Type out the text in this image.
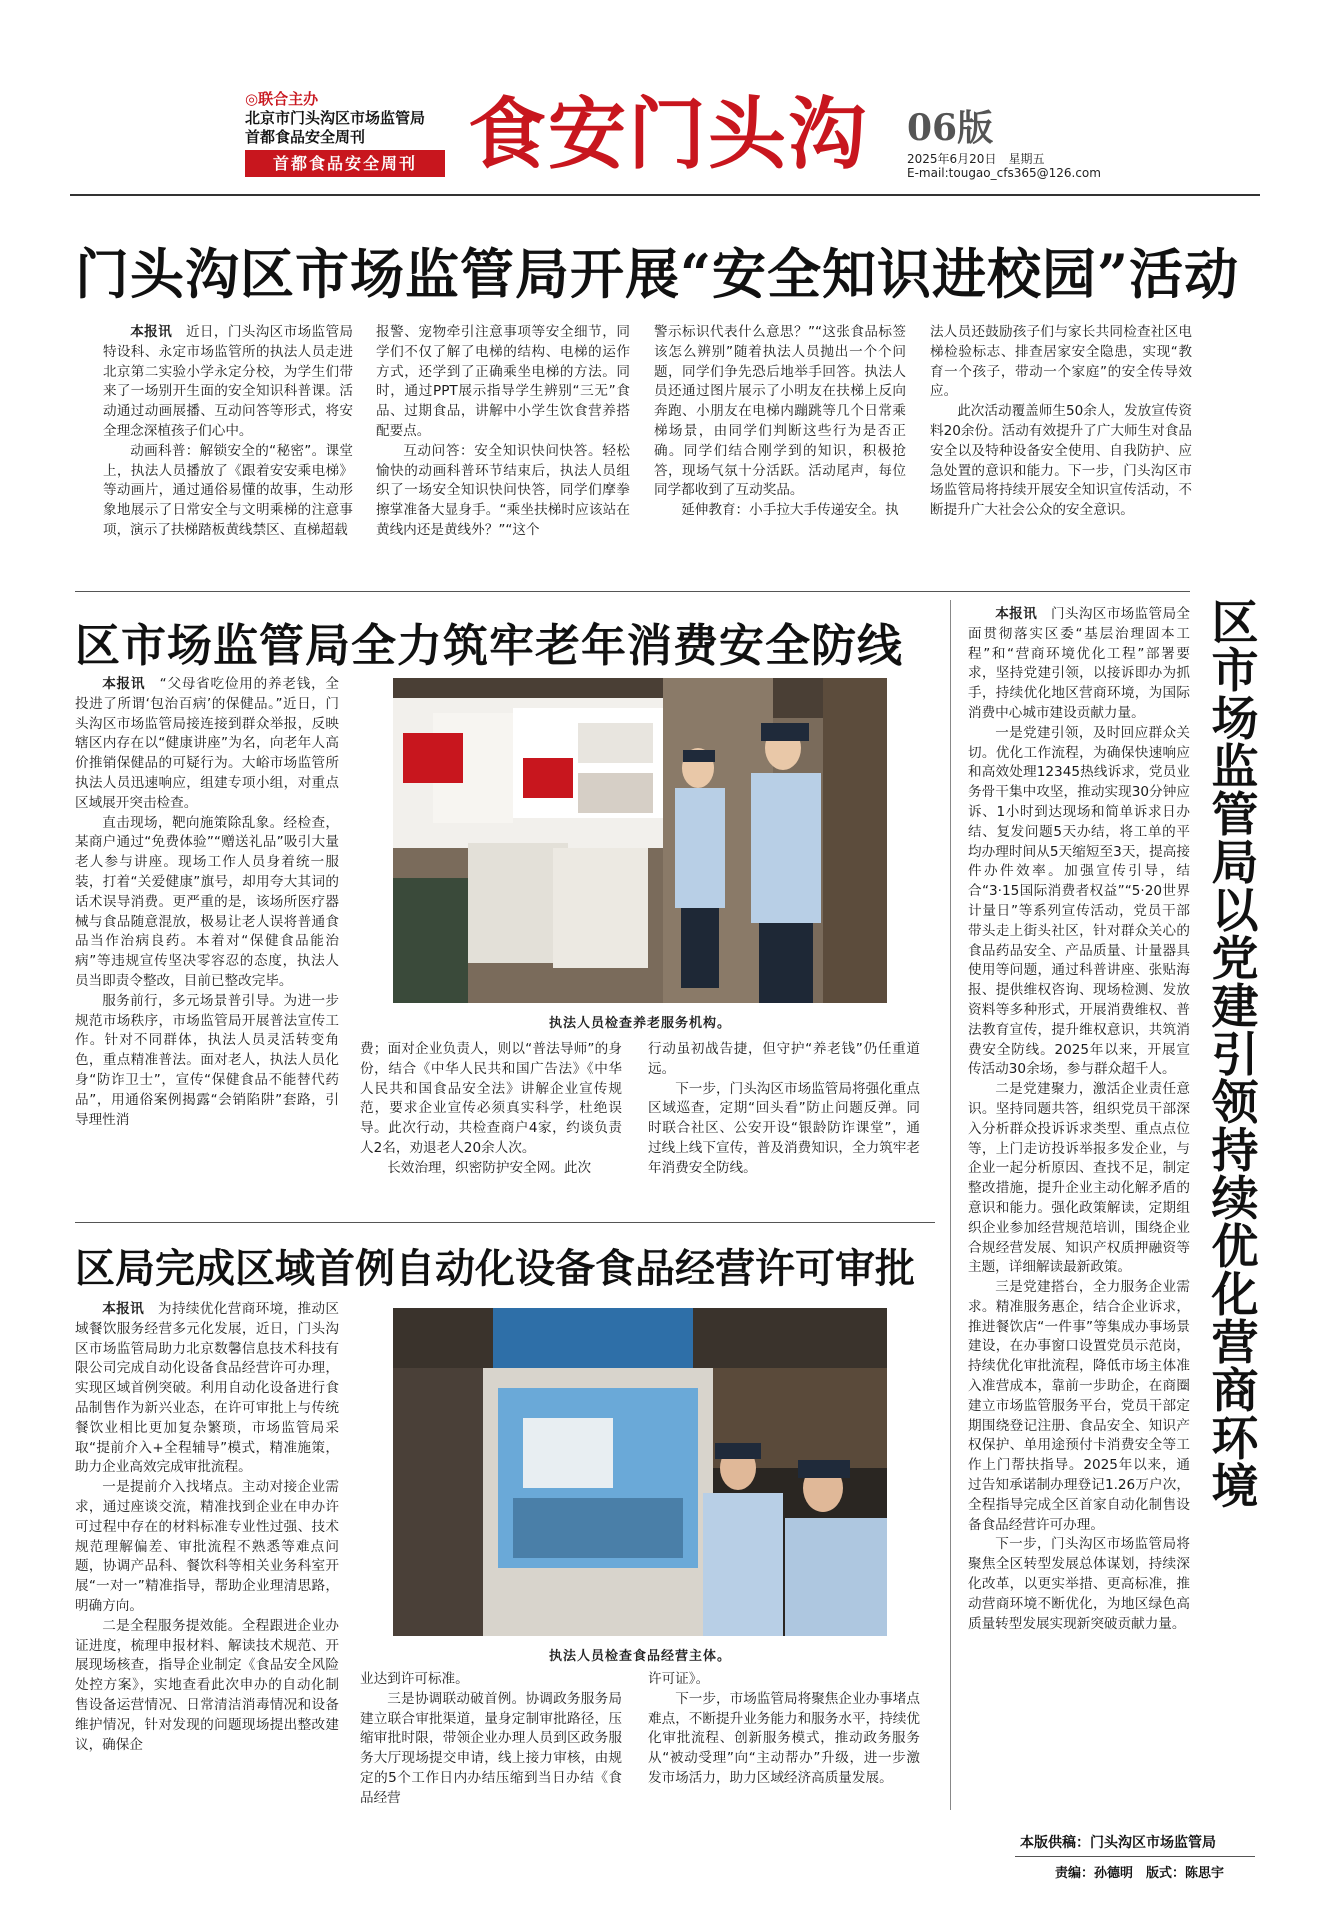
◎联合主办
北京市门头沟区市场监管局
首都食品安全周刊
首都食品安全周刊 食安门头沟 06版
2025年6月20日　星期五
E-mail:tougao_cfs365@126.com
门头沟区市场监管局开展“安全知识进校园”活动

本报讯　 近日，门头沟区市场监管局特设科、永定市场监管所的执法人员走进北京第二实验小学永定分校，为学生们带来了一场别开生面的安全知识科普课。活动通过动画展播、互动问答等形式，将安全理念深植孩子们心中。

动画科普：解锁安全的“秘密”。课堂上，执法人员播放了《跟着安安乘电梯》等动画片，通过通俗易懂的故事，生动形象地展示了日常安全与文明乘梯的注意事项，演示了扶梯踏板黄线禁区、直梯超载

报警、宠物牵引注意事项等安全细节，同学们不仅了解了电梯的结构、电梯的运作方式，还学到了正确乘坐电梯的方法。同时，通过PPT展示指导学生辨别“三无”食品、过期食品，讲解中小学生饮食营养搭配要点。

互动问答：安全知识快问快答。轻松愉快的动画科普环节结束后，执法人员组织了一场安全知识快问快答，同学们摩拳擦掌准备大显身手。“乘坐扶梯时应该站在黄线内还是黄线外？”“这个

警示标识代表什么意思？”“这张食品标签该怎么辨别”随着执法人员抛出一个个问题，同学们争先恐后地举手回答。执法人员还通过图片展示了小明友在扶梯上反向奔跑、小朋友在电梯内蹦跳等几个日常乘梯场景，由同学们判断这些行为是否正确。同学们结合刚学到的知识，积极抢答，现场气氛十分活跃。活动尾声，每位同学都收到了互动奖品。

延伸教育：小手拉大手传递安全。执

法人员还鼓励孩子们与家长共同检查社区电梯检验标志、排查居家安全隐患，实现“教育一个孩子，带动一个家庭”的安全传导效应。

此次活动覆盖师生50余人，发放宣传资料20余份。活动有效提升了广大师生对食品安全以及特种设备安全使用、自我防护、应急处置的意识和能力。下一步，门头沟区市场监管局将持续开展安全知识宣传活动，不断提升广大社会公众的安全意识。

区市场监管局全力筑牢老年消费安全防线

本报讯　 “父母省吃俭用的养老钱，全投进了所谓‘包治百病’的保健品。”近日，门头沟区市场监管局接连接到群众举报，反映辖区内存在以“健康讲座”为名，向老年人高价推销保健品的可疑行为。大峪市场监管所执法人员迅速响应，组建专项小组，对重点区域展开突击检查。

直击现场，靶向施策除乱象。经检查，某商户通过“免费体验”“赠送礼品”吸引大量老人参与讲座。现场工作人员身着统一服装，打着“关爱健康”旗号，却用夸大其词的话术误导消费。更严重的是，该场所医疗器械与食品随意混放，极易让老人误将普通食品当作治病良药。本着对“保健食品能治病”等违规宣传坚决零容忍的态度，执法人员当即责令整改，目前已整改完毕。

服务前行，多元场景普引导。为进一步规范市场秩序，市场监管局开展普法宣传工作。针对不同群体，执法人员灵活转变角色，重点精准普法。面对老人，执法人员化身“防诈卫士”，宣传“保健食品不能替代药品”，用通俗案例揭露“会销陷阱”套路，引导理性消

执法人员检查养老服务机构。

费；面对企业负责人，则以“普法导师”的身份，结合《中华人民共和国广告法》《中华人民共和国食品安全法》讲解企业宣传规范，要求企业宣传必须真实科学，杜绝误导。此次行动，共检查商户4家，约谈负责人2名，劝退老人20余人次。

长效治理，织密防护安全网。此次

行动虽初战告捷，但守护“养老钱”仍任重道远。

下一步，门头沟区市场监管局将强化重点区域巡查，定期“回头看”防止问题反弹。同时联合社区、公安开设“银龄防诈课堂”，通过线上线下宣传，普及消费知识，全力筑牢老年消费安全防线。

区局完成区域首例自动化设备食品经营许可审批

本报讯　 为持续优化营商环境，推动区域餐饮服务经营多元化发展，近日，门头沟区市场监管局助力北京数馨信息技术科技有限公司完成自动化设备食品经营许可办理，实现区域首例突破。利用自动化设备进行食品制售作为新兴业态，在许可审批上与传统餐饮业相比更加复杂繁琐，市场监管局采取“提前介入+全程辅导”模式，精准施策，助力企业高效完成审批流程。

一是提前介入找堵点。主动对接企业需求，通过座谈交流，精准找到企业在申办许可过程中存在的材料标准专业性过强、技术规范理解偏差、审批流程不熟悉等难点问题，协调产品科、餐饮科等相关业务科室开展“一对一”精准指导，帮助企业理清思路，明确方向。

二是全程服务提效能。全程跟进企业办证进度，梳理申报材料、解读技术规范、开展现场核查，指导企业制定《食品安全风险处控方案》，实地查看此次申办的自动化制售设备运营情况、日常清洁消毒情况和设备维护情况，针对发现的问题现场提出整改建议，确保企

执法人员检查食品经营主体。

业达到许可标准。

三是协调联动破首例。协调政务服务局建立联合审批渠道，量身定制审批路径，压缩审批时限，带领企业办理人员到区政务服务大厅现场提交申请，线上接力审核，由规定的5个工作日内办结压缩到当日办结《食品经营

许可证》。

下一步，市场监管局将聚焦企业办事堵点难点，不断提升业务能力和服务水平，持续优化审批流程、创新服务模式，推动政务服务从“被动受理”向“主动帮办”升级，进一步激发市场活力，助力区域经济高质量发展。

本报讯　 门头沟区市场监管局全面贯彻落实区委“基层治理固本工程”和“营商环境优化工程”部署要求，坚持党建引领，以接诉即办为抓手，持续优化地区营商环境，为国际消费中心城市建设贡献力量。

一是党建引领，及时回应群众关切。优化工作流程，为确保快速响应和高效处理12345热线诉求，党员业务骨干集中攻坚，推动实现30分钟应诉、1小时到达现场和简单诉求日办结、复发问题5天办结，将工单的平均办理时间从5天缩短至3天，提高接件办件效率。加强宣传引导，结合“3·15国际消费者权益”“5·20世界计量日”等系列宣传活动，党员干部带头走上街头社区，针对群众关心的食品药品安全、产品质量、计量器具使用等问题，通过科普讲座、张贴海报、提供维权咨询、现场检测、发放资料等多种形式，开展消费维权、普法教育宣传，提升维权意识，共筑消费安全防线。2025年以来，开展宣传活动30余场，参与群众超千人。

二是党建聚力，激活企业责任意识。坚持同题共答，组织党员干部深入分析群众投诉诉求类型、重点点位等，上门走访投诉举报多发企业，与企业一起分析原因、查找不足，制定整改措施，提升企业主动化解矛盾的意识和能力。强化政策解读，定期组织企业参加经营规范培训，围绕企业合规经营发展、知识产权质押融资等主题，详细解读最新政策。

三是党建搭台，全力服务企业需求。精准服务惠企，结合企业诉求，推进餐饮店“一件事”等集成办事场景建设，在办事窗口设置党员示范岗，持续优化审批流程，降低市场主体准入准营成本，靠前一步助企，在商圈建立市场监管服务平台，党员干部定期围绕登记注册、食品安全、知识产权保护、单用途预付卡消费安全等工作上门帮扶指导。2025年以来，通过告知承诺制办理登记1.26万户次，全程指导完成全区首家自动化制售设备食品经营许可办理。

下一步，门头沟区市场监管局将聚焦全区转型发展总体谋划，持续深化改革，以更实举措、更高标准，推动营商环境不断优化，为地区绿色高质量转型发展实现新突破贡献力量。

区市场监管局以党建引领持续优化营商环境
本版供稿：门头沟区市场监管局
责编：孙德明　版式：陈思宇
